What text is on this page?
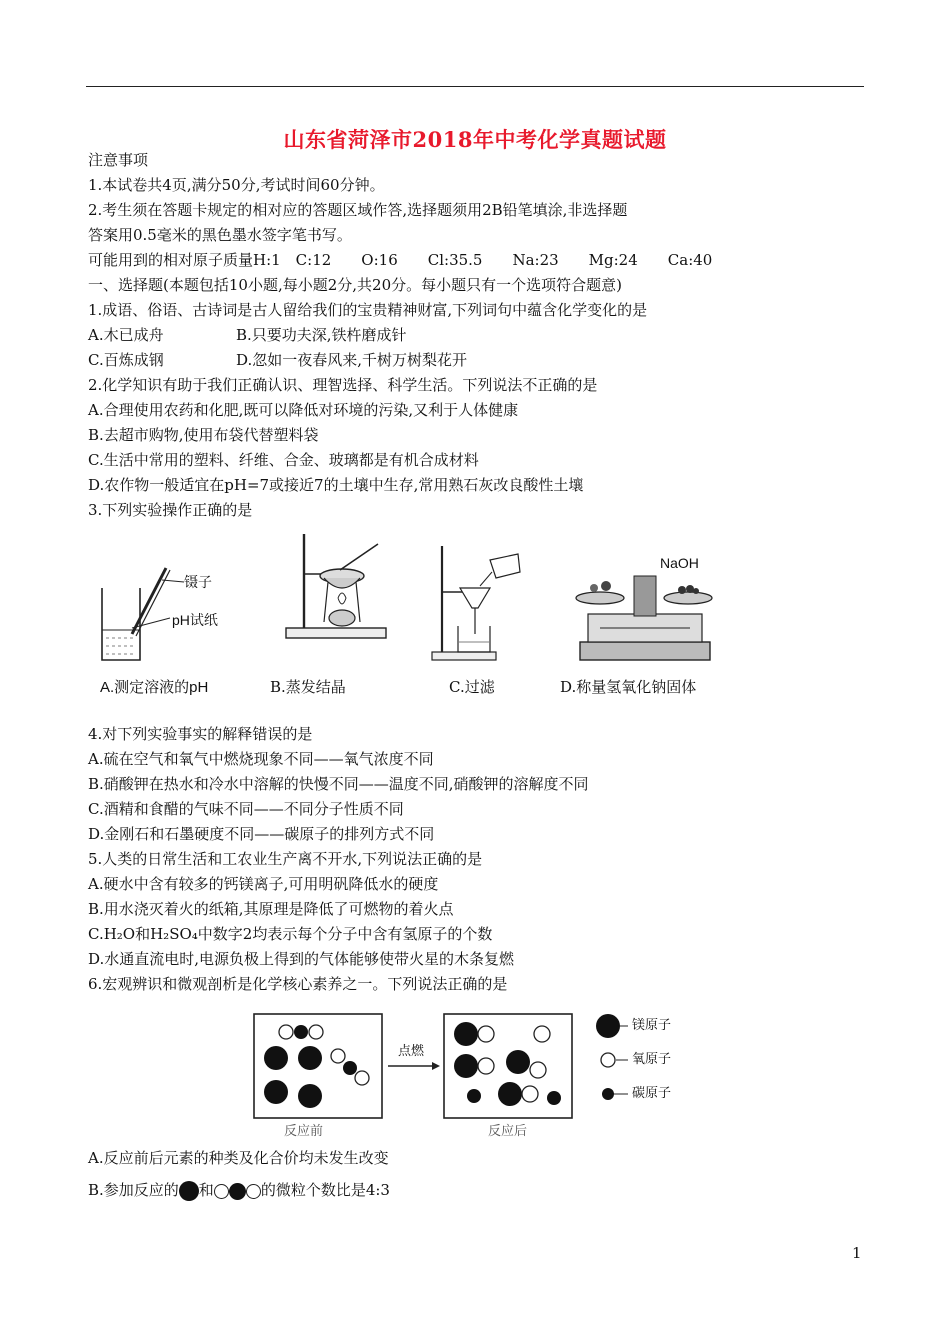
山东省菏泽市2018年中考化学真题试题
注意事项
1.本试卷共4页,满分50分,考试时间60分钟。
2.考生须在答题卡规定的相对应的答题区域作答,选择题须用2B铅笔填涂,非选择题
答案用0.5毫米的黑色墨水签字笔书写。
可能用到的相对原子质量H:1　C:12　　O:16　　Cl:35.5　　Na:23　　Mg:24　　Ca:40
一、选择题(本题包括10小题,每小题2分,共20分。每小题只有一个选项符合题意)
1.成语、俗语、古诗词是古人留给我们的宝贵精神财富,下列词句中蕴含化学变化的是
A.木已成舟	B.只要功夫深,铁杵磨成针
C.百炼成钢	D.忽如一夜春风来,千树万树梨花开
2.化学知识有助于我们正确认识、理智选择、科学生活。下列说法不正确的是
A.合理使用农药和化肥,既可以降低对环境的污染,又利于人体健康
B.去超市购物,使用布袋代替塑料袋
C.生活中常用的塑料、纤维、合金、玻璃都是有机合成材料
D.农作物一般适宜在pH=7或接近7的土壤中生存,常用熟石灰改良酸性土壤
3.下列实验操作正确的是
镊子
pH试纸
NaOH
A.测定溶液的pH	B.蒸发结晶	C.过滤	D.称量氢氧化钠固体
4.对下列实验事实的解释错误的是
A.硫在空气和氧气中燃烧现象不同——氧气浓度不同
B.硝酸钾在热水和冷水中溶解的快慢不同——温度不同,硝酸钾的溶解度不同
C.酒精和食醋的气味不同——不同分子性质不同
D.金刚石和石墨硬度不同——碳原子的排列方式不同
5.人类的日常生活和工农业生产离不开水,下列说法正确的是
A.硬水中含有较多的钙镁离子,可用明矾降低水的硬度
B.用水浇灭着火的纸箱,其原理是降低了可燃物的着火点
C.H₂O和H₂SO₄中数字2均表示每个分子中含有氢原子的个数
D.水通直流电时,电源负极上得到的气体能够使带火星的木条复燃
6.宏观辨识和微观剖析是化学核心素养之一。下列说法正确的是
点燃
反应前	反应后
镁原子
氧原子
碳原子
A.反应前后元素的种类及化合价均未发生改变
B.参加反应的 和	的微粒个数比是4:3
1
